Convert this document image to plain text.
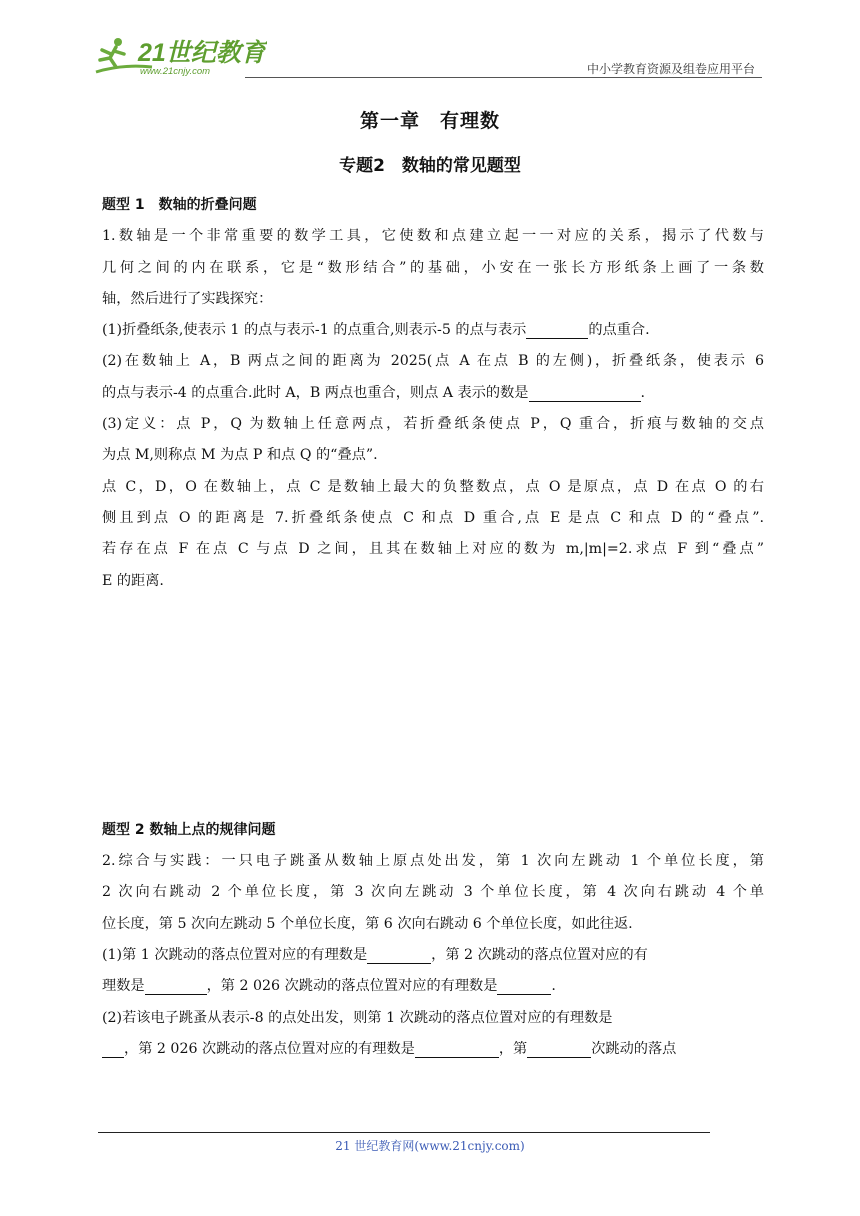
21世纪教育
www.21cnjy.com	中小学教育资源及组卷应用平台
第一章　有理数
专题2　数轴的常见题型
题型 1　数轴的折叠问题
1.数轴是一个非常重要的数学工具，它使数和点建立起一一对应的关系，揭示了代数与
几何之间的内在联系，它是“数形结合”的基础，小安在一张长方形纸条上画了一条数
轴，然后进行了实践探究：
(1)折叠纸条,使表示 1 的点与表示-1 的点重合,则表示-5 的点与表示	的点重合.
(2)在数轴上 A，B 两点之间的距离为 2025(点 A 在点 B 的左侧)，折叠纸条，使表示 6
的点与表示-4 的点重合.此时 A，B 两点也重合，则点 A 表示的数是	.
(3)定义：点 P，Q 为数轴上任意两点，若折叠纸条使点 P，Q 重合，折痕与数轴的交点
为点 M,则称点 M 为点 P 和点 Q 的“叠点”.
点 C，D，O 在数轴上，点 C 是数轴上最大的负整数点，点 O 是原点，点 D 在点 O 的右
侧且到点 O 的距离是 7.折叠纸条使点 C 和点 D 重合,点 E 是点 C 和点 D 的“叠点”.
若存在点 F 在点 C 与点 D 之间，且其在数轴上对应的数为 m,|m|=2.求点 F 到“叠点”
E 的距离.
题型 2 数轴上点的规律问题
2.综合与实践：一只电子跳蚤从数轴上原点处出发，第 1 次向左跳动 1 个单位长度，第
2 次向右跳动 2 个单位长度，第 3 次向左跳动 3 个单位长度，第 4 次向右跳动 4 个单
位长度，第 5 次向左跳动 5 个单位长度，第 6 次向右跳动 6 个单位长度，如此往返.
(1)第 1 次跳动的落点位置对应的有理数是	，第 2 次跳动的落点位置对应的有
理数是	，第 2 026 次跳动的落点位置对应的有理数是	.
(2)若该电子跳蚤从表示-8 的点处出发，则第 1 次跳动的落点位置对应的有理数是
，第 2 026 次跳动的落点位置对应的有理数是	，第	次跳动的落点
21 世纪教育网(www.21cnjy.com)
